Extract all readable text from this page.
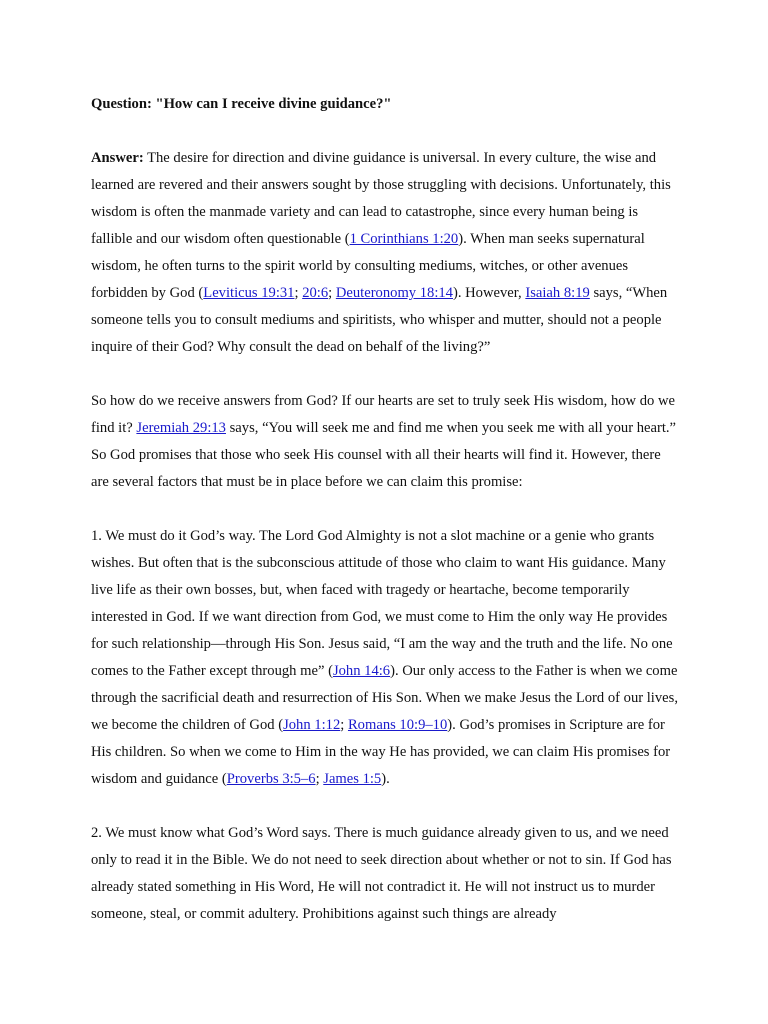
Question: "How can I receive divine guidance?"

Answer: The desire for direction and divine guidance is universal. In every culture, the wise and learned are revered and their answers sought by those struggling with decisions. Unfortunately, this wisdom is often the manmade variety and can lead to catastrophe, since every human being is fallible and our wisdom often questionable (1 Corinthians 1:20). When man seeks supernatural wisdom, he often turns to the spirit world by consulting mediums, witches, or other avenues forbidden by God (Leviticus 19:31; 20:6; Deuteronomy 18:14). However, Isaiah 8:19 says, “When someone tells you to consult mediums and spiritists, who whisper and mutter, should not a people inquire of their God? Why consult the dead on behalf of the living?”

So how do we receive answers from God? If our hearts are set to truly seek His wisdom, how do we find it? Jeremiah 29:13 says, “You will seek me and find me when you seek me with all your heart.” So God promises that those who seek His counsel with all their hearts will find it. However, there are several factors that must be in place before we can claim this promise:

1. We must do it God’s way. The Lord God Almighty is not a slot machine or a genie who grants wishes. But often that is the subconscious attitude of those who claim to want His guidance. Many live life as their own bosses, but, when faced with tragedy or heartache, become temporarily interested in God. If we want direction from God, we must come to Him the only way He provides for such relationship—through His Son. Jesus said, “I am the way and the truth and the life. No one comes to the Father except through me” (John 14:6). Our only access to the Father is when we come through the sacrificial death and resurrection of His Son. When we make Jesus the Lord of our lives, we become the children of God (John 1:12; Romans 10:9–10). God’s promises in Scripture are for His children. So when we come to Him in the way He has provided, we can claim His promises for wisdom and guidance (Proverbs 3:5–6; James 1:5).

2. We must know what God’s Word says. There is much guidance already given to us, and we need only to read it in the Bible. We do not need to seek direction about whether or not to sin. If God has already stated something in His Word, He will not contradict it. He will not instruct us to murder someone, steal, or commit adultery. Prohibitions against such things are already
